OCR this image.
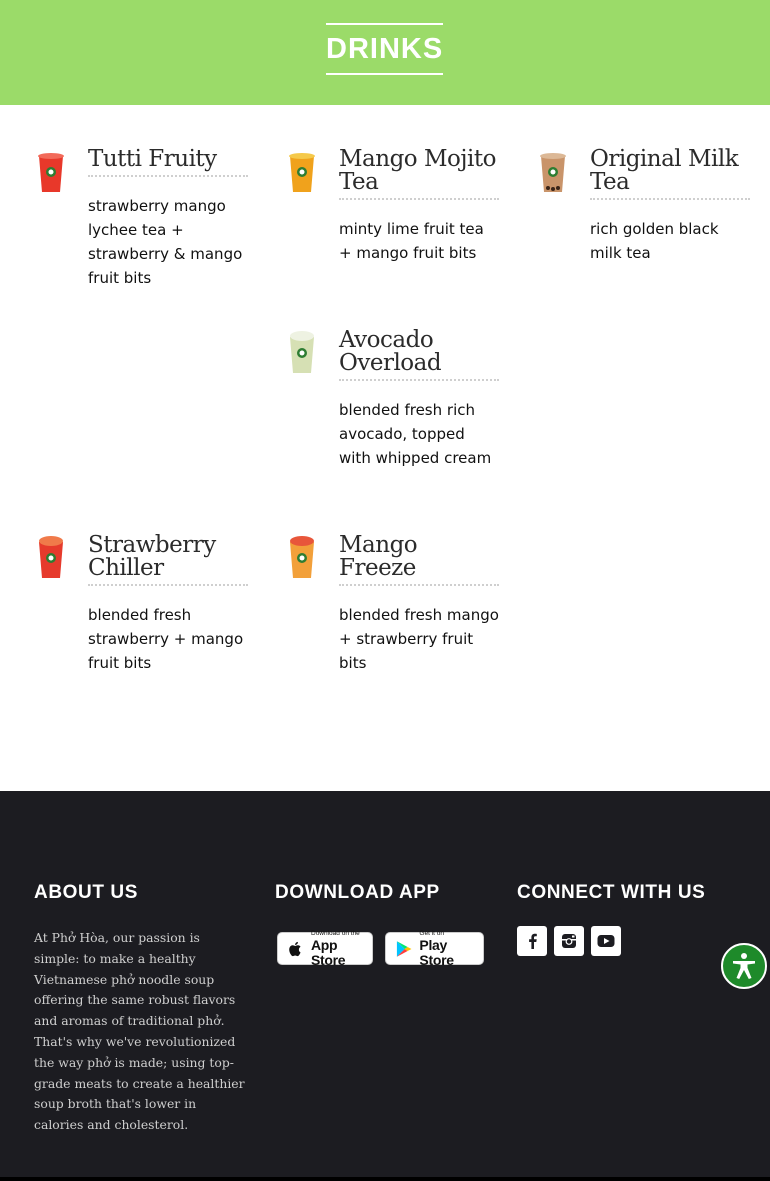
DRINKS
Tutti Fruity
strawberry mango lychee tea + strawberry & mango fruit bits
Mango Mojito Tea
minty lime fruit tea + mango fruit bits
Original Milk Tea
rich golden black milk tea
Avocado Overload
blended fresh rich avocado, topped with whipped cream
Strawberry Chiller
blended fresh strawberry + mango fruit bits
Mango Freeze
blended fresh mango + strawberry fruit bits
ABOUT US
At Phở Hòa, our passion is simple: to make a healthy Vietnamese phở noodle soup offering the same robust flavors and aromas of traditional phở. That's why we've revolutionized the way phở is made; using top-grade meats to create a healthier soup broth that's lower in calories and cholesterol.
DOWNLOAD APP
Download on the
App Store
Get it on
Play Store
CONNECT WITH US
